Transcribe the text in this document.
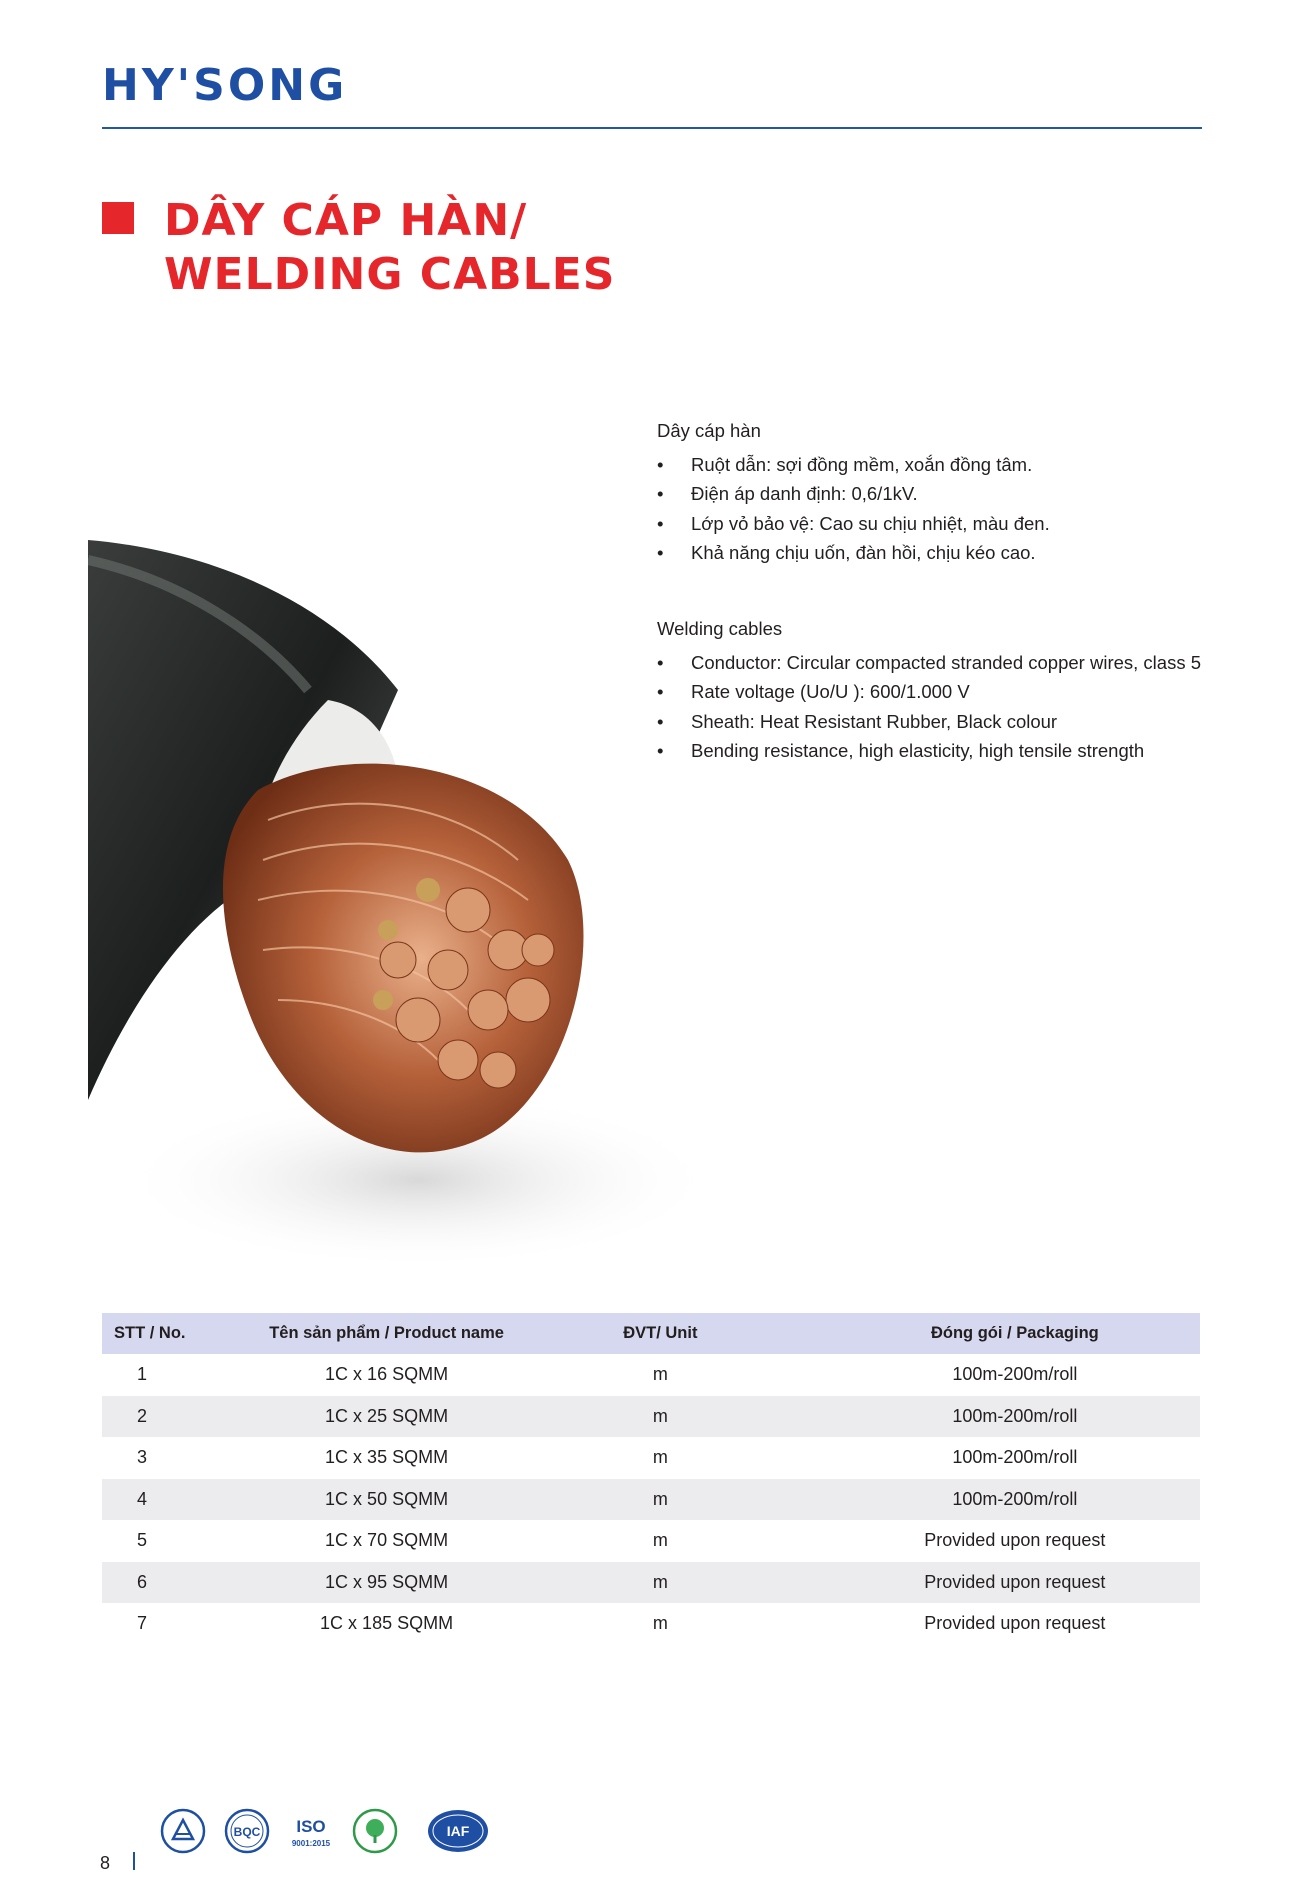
HY'SONG
DÂY CÁP HÀN/
WELDING CABLES
Dây cáp hàn
• Ruột dẫn: sợi đồng mềm, xoắn đồng tâm.
• Điện áp danh định: 0,6/1kV.
• Lớp vỏ bảo vệ: Cao su chịu nhiệt, màu đen.
• Khả năng chịu uốn, đàn hồi, chịu kéo cao.
Welding cables
• Conductor: Circular compacted stranded copper wires, class 5
• Rate voltage (Uo/U ): 600/1.000 V
• Sheath: Heat Resistant Rubber, Black colour
• Bending resistance, high elasticity, high tensile strength
STT / No.	Tên sản phẩm / Product name	ĐVT/ Unit	Đóng gói / Packaging
1	1C x 16 SQMM	m	100m-200m/roll
2	1C x 25 SQMM	m	100m-200m/roll
3	1C x 35 SQMM	m	100m-200m/roll
4	1C x 50 SQMM	m	100m-200m/roll
5	1C x 70 SQMM	m	Provided upon request
6	1C x 95 SQMM	m	Provided upon request
7	1C x 185 SQMM	m	Provided upon request
8
BQC ISO
9001:2015
IAF
